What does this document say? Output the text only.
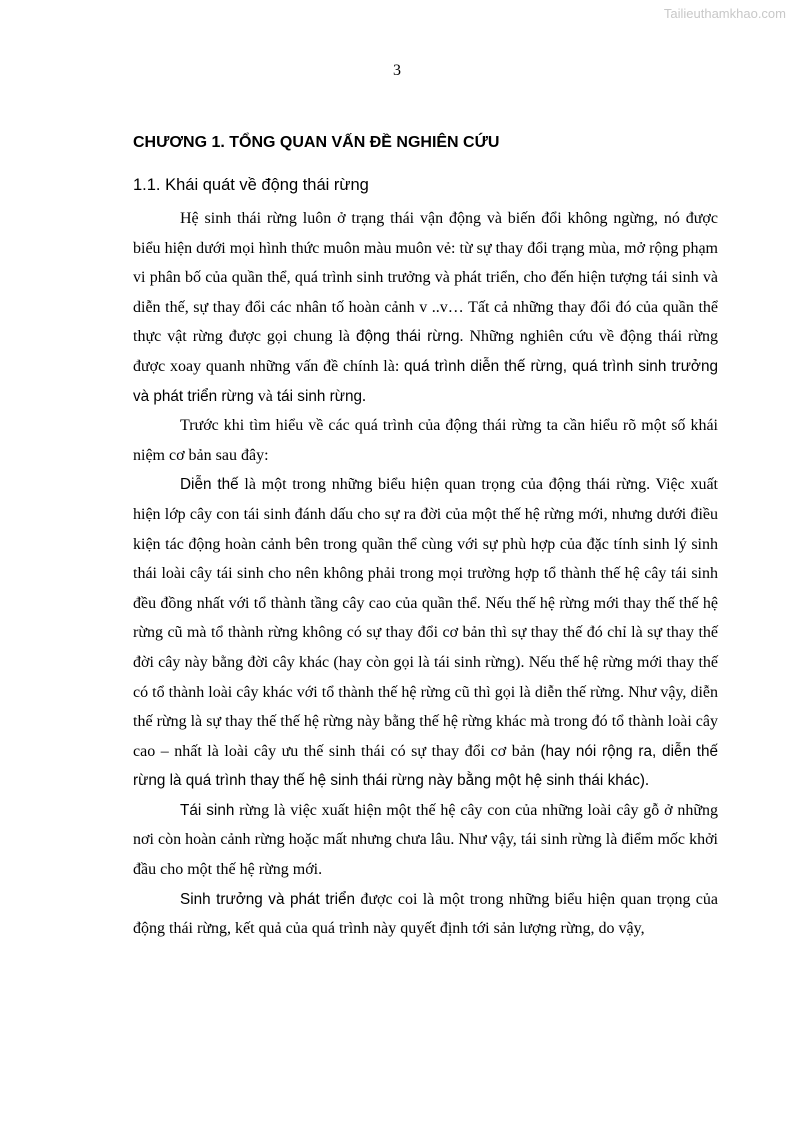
Tailieuthamkhao.com
3
CHƯƠNG 1. TỔNG QUAN VẤN ĐỀ NGHIÊN CỨU
1.1. Khái quát về động thái rừng

Hệ sinh thái rừng luôn ở trạng thái vận động và biến đổi không ngừng, nó được biểu hiện dưới mọi hình thức muôn màu muôn vẻ: từ sự thay đổi trạng mùa, mở rộng phạm vi phân bố của quần thể, quá trình sinh trưởng và phát triển, cho đến hiện tượng tái sinh và diễn thế, sự thay đổi các nhân tố hoàn cảnh v ..v… Tất cả những thay đổi đó của quần thể thực vật rừng được gọi chung là động thái rừng. Những nghiên cứu về động thái rừng được xoay quanh những vấn đề chính là: quá trình diễn thế rừng, quá trình sinh trưởng và phát triển rừng và tái sinh rừng.

Trước khi tìm hiểu về các quá trình của động thái rừng ta cần hiểu rõ một số khái niệm cơ bản sau đây:

Diễn thế là một trong những biểu hiện quan trọng của động thái rừng. Việc xuất hiện lớp cây con tái sinh đánh dấu cho sự ra đời của một thế hệ rừng mới, nhưng dưới điều kiện tác động hoàn cảnh bên trong quần thể cùng với sự phù hợp của đặc tính sinh lý sinh thái loài cây tái sinh cho nên không phải trong mọi trường hợp tổ thành thế hệ cây tái sinh đều đồng nhất với tổ thành tầng cây cao của quần thể. Nếu thế hệ rừng mới thay thế thế hệ rừng cũ mà tổ thành rừng không có sự thay đổi cơ bản thì sự thay thế đó chỉ là sự thay thế đời cây này bằng đời cây khác (hay còn gọi là tái sinh rừng). Nếu thế hệ rừng mới thay thế có tổ thành loài cây khác với tổ thành thế hệ rừng cũ thì gọi là diễn thế rừng. Như vậy, diễn thế rừng là sự thay thế thế hệ rừng này bằng thế hệ rừng khác mà trong đó tổ thành loài cây cao – nhất là loài cây ưu thế sinh thái có sự thay đổi cơ bản (hay nói rộng ra, diễn thế rừng là quá trình thay thế hệ sinh thái rừng này bằng một hệ sinh thái khác).

Tái sinh rừng là việc xuất hiện một thế hệ cây con của những loài cây gỗ ở những nơi còn hoàn cảnh rừng hoặc mất nhưng chưa lâu. Như vậy, tái sinh rừng là điểm mốc khởi đầu cho một thế hệ rừng mới.

Sinh trưởng và phát triển được coi là một trong những biểu hiện quan trọng của động thái rừng, kết quả của quá trình này quyết định tới sản lượng rừng, do vậy,
